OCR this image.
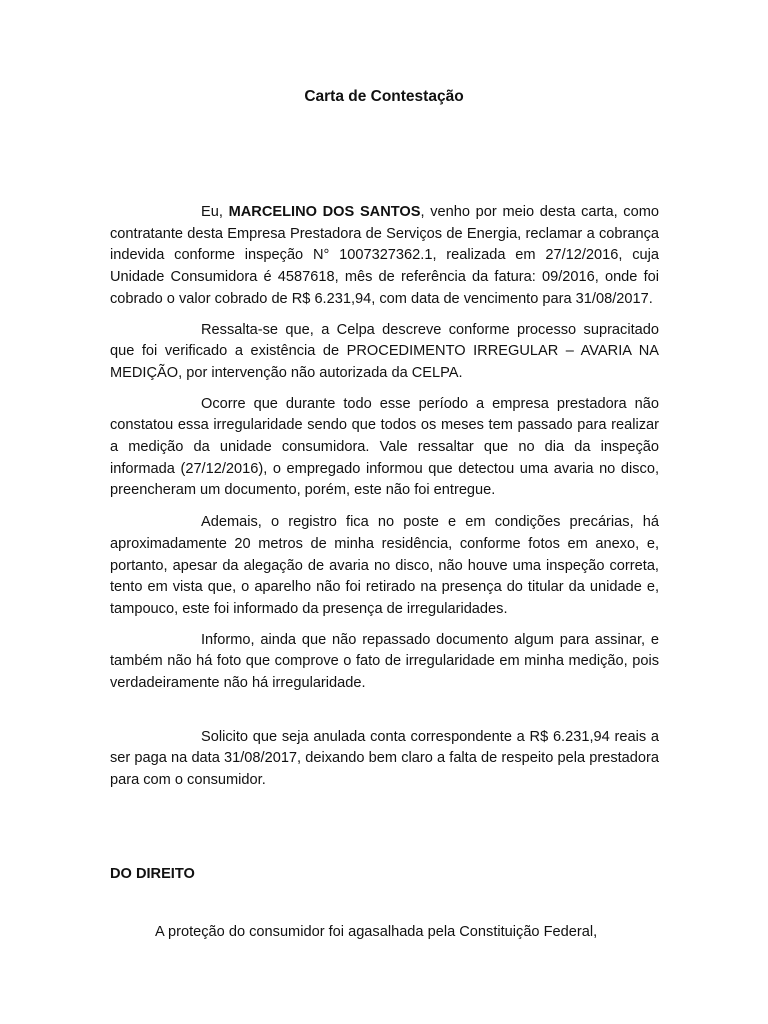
Carta de Contestação

Eu, MARCELINO DOS SANTOS, venho por meio desta carta, como contratante desta Empresa Prestadora de Serviços de Energia, reclamar a cobrança indevida conforme inspeção N° 1007327362.1, realizada em 27/12/2016, cuja Unidade Consumidora é 4587618, mês de referência da fatura: 09/2016, onde foi cobrado o valor cobrado de R$ 6.231,94, com data de vencimento para 31/08/2017.

Ressalta-se que, a Celpa descreve conforme processo supracitado que foi verificado a existência de PROCEDIMENTO IRREGULAR – AVARIA NA MEDIÇÃO, por intervenção não autorizada da CELPA.

Ocorre que durante todo esse período a empresa prestadora não constatou essa irregularidade sendo que todos os meses tem passado para realizar a medição da unidade consumidora. Vale ressaltar que no dia da inspeção informada (27/12/2016), o empregado informou que detectou uma avaria no disco, preencheram um documento, porém, este não foi entregue.

Ademais, o registro fica no poste e em condições precárias, há aproximadamente 20 metros de minha residência, conforme fotos em anexo, e, portanto, apesar da alegação de avaria no disco, não houve uma inspeção correta, tento em vista que, o aparelho não foi retirado na presença do titular da unidade e, tampouco, este foi informado da presença de irregularidades.

Informo, ainda que não repassado documento algum para assinar, e também não há foto que comprove o fato de irregularidade em minha medição, pois verdadeiramente não há irregularidade.

Solicito que seja anulada conta correspondente a R$ 6.231,94 reais a ser paga na data 31/08/2017, deixando bem claro a falta de respeito pela prestadora para com o consumidor.

DO DIREITO

A proteção do consumidor foi agasalhada pela Constituição Federal,
